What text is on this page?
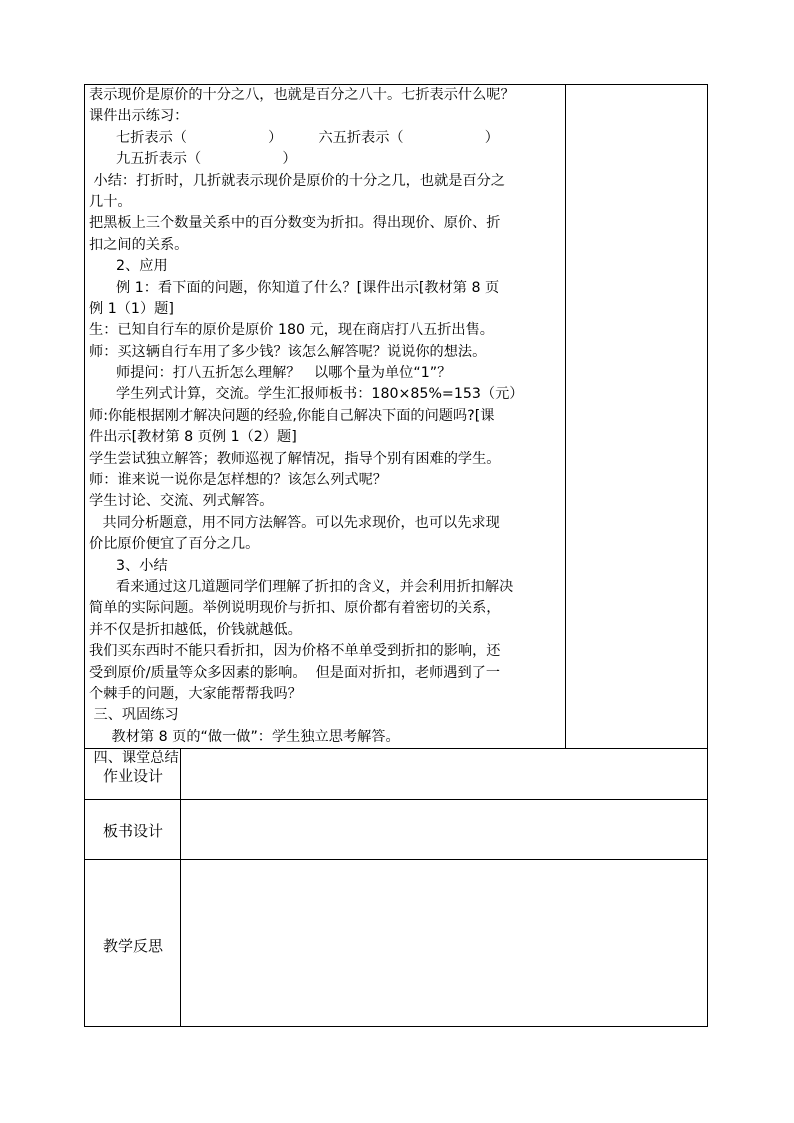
表示现价是原价的十分之八，也就是百分之八十。七折表示什么呢？
课件出示练习：
七折表示（                  ）        六五折表示（                  ）
九五折表示（                  ）
小结：打折时，几折就表示现价是原价的十分之几，也就是百分之
几十。
把黑板上三个数量关系中的百分数变为折扣。得出现价、原价、折
扣之间的关系。
2、应用
例 1：看下面的问题，你知道了什么？[课件出示[教材第 8 页
例 1（1）题]
生：已知自行车的原价是原价 180 元，现在商店打八五折出售。
师：买这辆自行车用了多少钱？该怎么解答呢？说说你的想法。
师提问：打八五折怎么理解？   以哪个量为单位“1”？
学生列式计算，交流。学生汇报师板书：180×85%=153（元）
师:你能根据刚才解决问题的经验,你能自己解决下面的问题吗?[课
件出示[教材第 8 页例 1（2）题]
学生尝试独立解答；教师巡视了解情况，指导个别有困难的学生。
师：谁来说一说你是怎样想的？该怎么列式呢？
学生讨论、交流、列式解答。
共同分析题意，用不同方法解答。可以先求现价，也可以先求现
价比原价便宜了百分之几。
3、小结
看来通过这几道题同学们理解了折扣的含义，并会利用折扣解决
简单的实际问题。举例说明现价与折扣、原价都有着密切的关系，
并不仅是折扣越低，价钱就越低。
我们买东西时不能只看折扣，因为价格不单单受到折扣的影响，还
受到原价/质量等众多因素的影响。  但是面对折扣，老师遇到了一
个棘手的问题，大家能帮帮我吗？
三、巩固练习
教材第 8 页的“做一做”：学生独立思考解答。
四、课堂总结
作业设计
板书设计
教学反思
